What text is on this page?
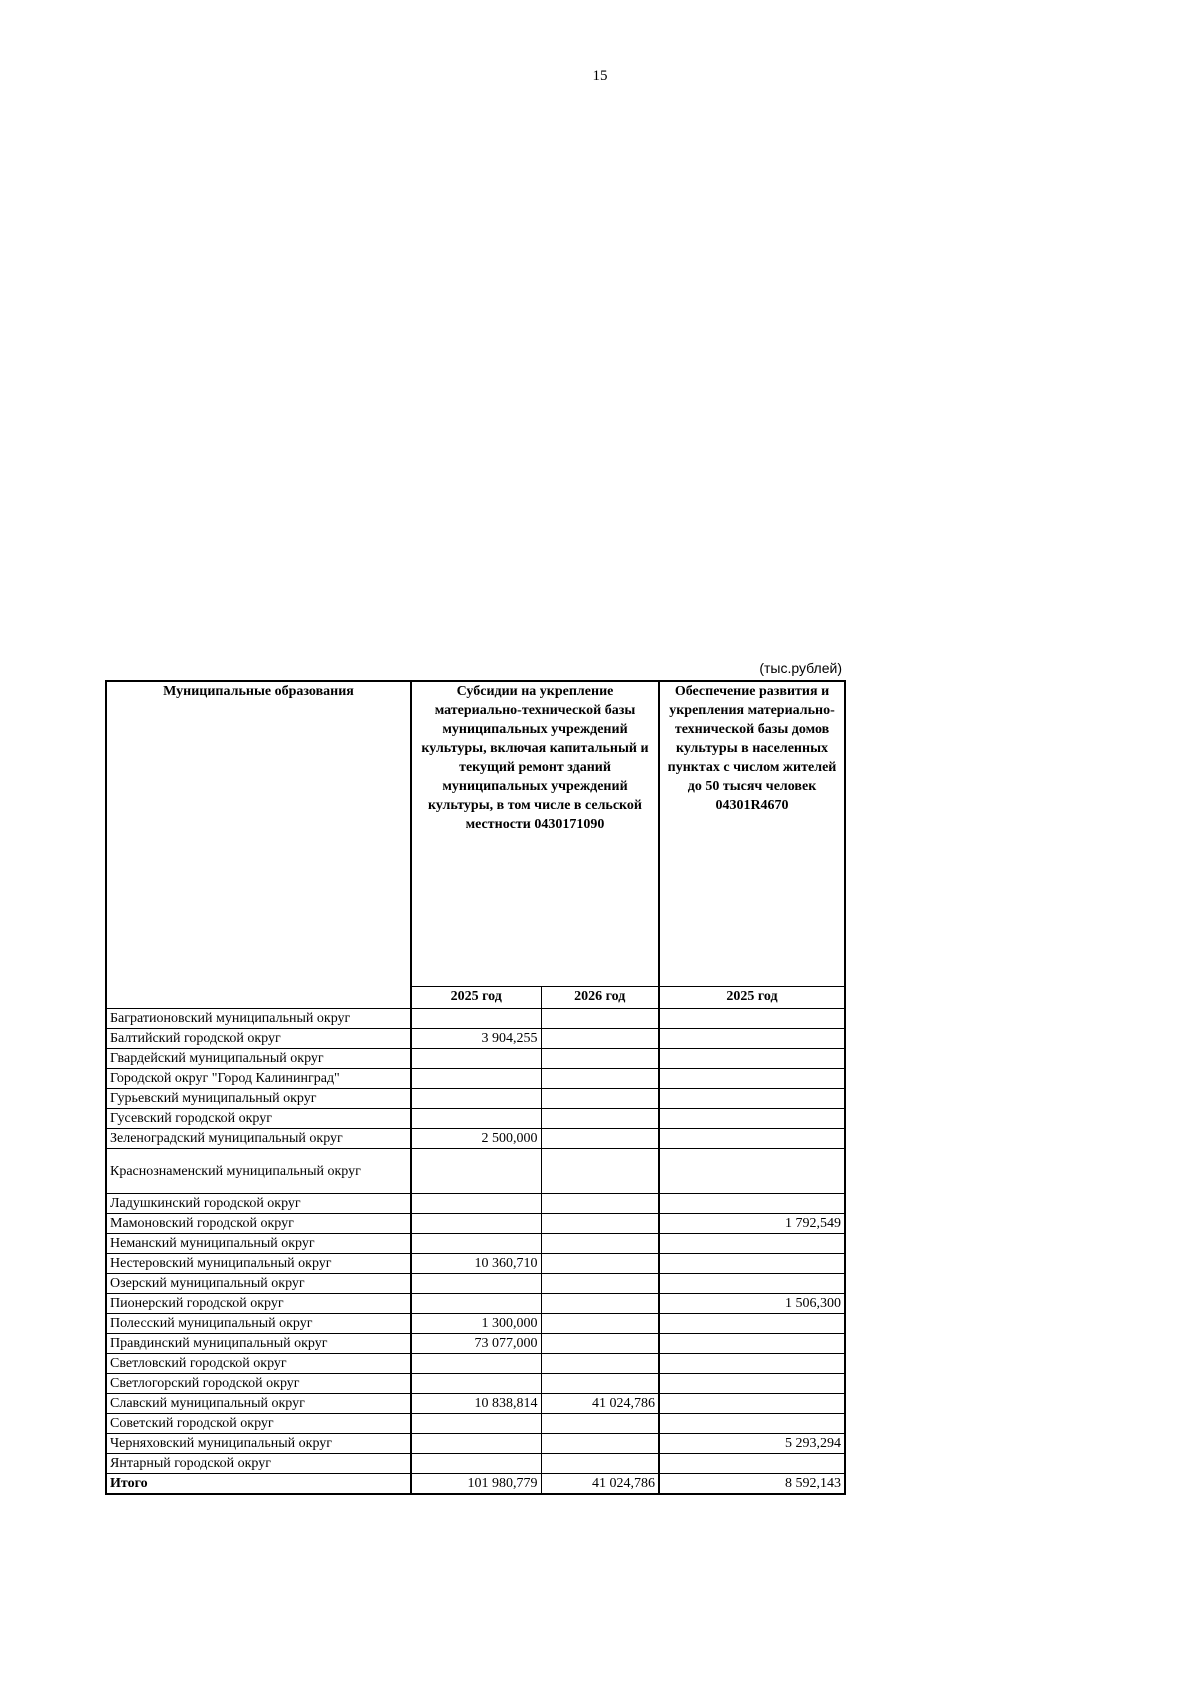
15
(тыс.рублей)
Муниципальные образования	Субсидии на укрепление материально-технической базы муниципальных учреждений культуры, включая капитальный и текущий ремонт зданий муниципальных учреждений культуры, в том числе в сельской местности 0430171090		Обеспечение развития и укрепления материально-технической базы домов культуры в населенных пунктах с числом жителей до 50 тысяч человек 04301R4670
	2025 год	2026 год	2025 год
Багратионовский муниципальный округ			
Балтийский городской округ	3 904,255		
Гвардейский муниципальный округ			
Городской округ "Город Калининград"			
Гурьевский муниципальный округ			
Гусевский городской округ			
Зеленоградский муниципальный округ	2 500,000		
Краснознаменский муниципальный округ			
Ладушкинский городской округ			
Мамоновский городской округ			1 792,549
Неманский муниципальный округ			
Нестеровский муниципальный округ	10 360,710		
Озерский муниципальный округ			
Пионерский городской округ			1 506,300
Полесский муниципальный округ	1 300,000		
Правдинский муниципальный округ	73 077,000		
Светловский городской округ			
Светлогорский городской округ			
Славский муниципальный округ	10 838,814	41 024,786	
Советский городской округ			
Черняховский муниципальный округ			5 293,294
Янтарный городской округ			
Итого	101 980,779	41 024,786	8 592,143
